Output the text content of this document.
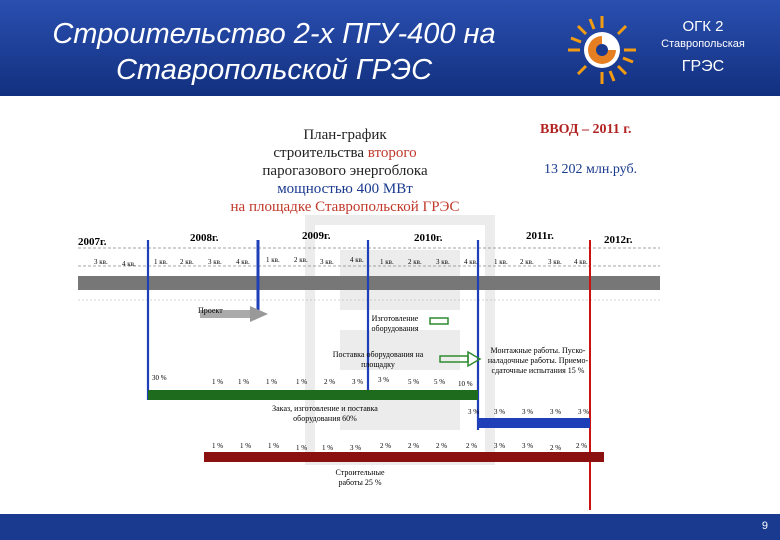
Строительство 2-х ПГУ-400 на
Ставропольской ГРЭС
ОГК 2
Ставропольская
ГРЭС
План-график
строительства второго
парогазового энергоблока
мощностью 400 МВт
на площадке Ставропольской ГРЭС
ВВОД – 2011 г.
13 202 млн.руб.
2007г.	2008г.	2009г.	2010г.	2011г.	2012г.
3 кв. 4 кв.	1 кв. 2 кв. 3 кв. 4 кв. 1 кв. 2 кв. 3 кв. 4 кв. 1 кв. 2 кв. 3 кв. 4 кв. 1 кв. 2 кв. 3 кв. 4 кв.
Проект
Изготовление оборудования
Поставка оборудования на площадку
Монтажные работы. Пуско-наладочные работы. Приемо-сдаточные испытания 15 %
Заказ, изготовление и поставка оборудования 60%
Строительные работы 25 %
30 %	1 % 1 % 1 %	1 % 2 % 3 % 3 %	5 % 5 % 10 %
3 % 3 % 3 % 3 % 3 %
1 % 1 % 1 % 1 % 1 % 3 %	2 % 2 % 2 %	2 % 3 % 3 % 2 % 2 %
9
